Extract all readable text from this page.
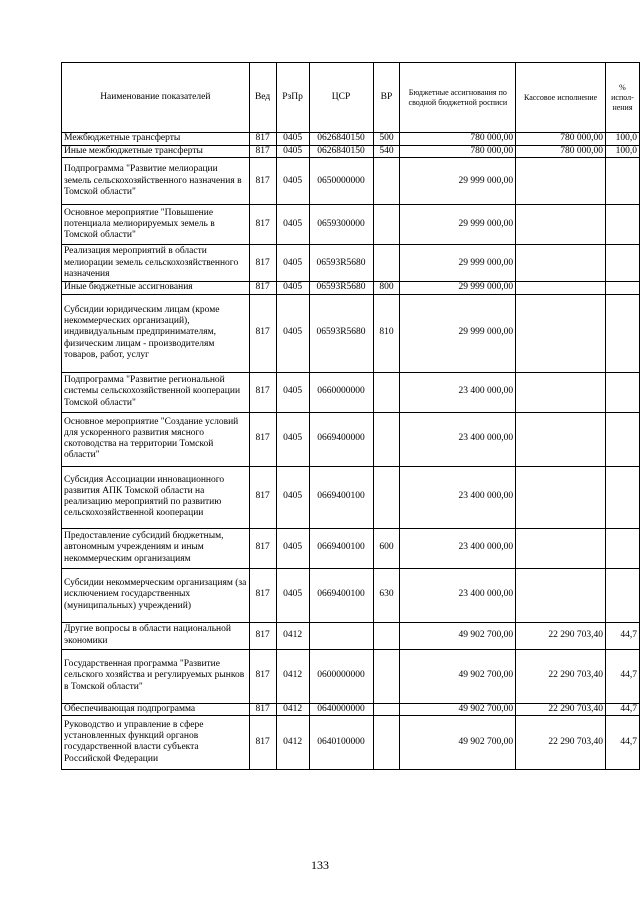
Наименование показателей	Вед	РзПр	ЦСР	ВР	Бюджетные ассигнования по сводной бюджетной росписи	Кассовое исполнение	% испол-нения
Межбюджетные трансферты	817	0405	0626840150	500	780 000,00	780 000,00	100,0
Иные межбюджетные трансферты	817	0405	0626840150	540	780 000,00	780 000,00	100,0
Подпрограмма "Развитие мелиорации земель сельскохозяйственного назначения в Томской области"	817	0405	0650000000		29 999 000,00		
Основное мероприятие "Повышение потенциала мелиорируемых земель в Томской области"	817	0405	0659300000		29 999 000,00		
Реализация мероприятий в области мелиорации земель сельскохозяйственного назначения	817	0405	06593R5680		29 999 000,00		
Иные бюджетные ассигнования	817	0405	06593R5680	800	29 999 000,00		
Субсидии юридическим лицам (кроме некоммерческих организаций), индивидуальным предпринимателям, физическим лицам - производителям товаров, работ, услуг	817	0405	06593R5680	810	29 999 000,00		
Подпрограмма "Развитие региональной системы сельскохозяйственной кооперации Томской области"	817	0405	0660000000		23 400 000,00		
Основное мероприятие "Создание условий для ускоренного развития мясного скотоводства на территории Томской области"	817	0405	0669400000		23 400 000,00		
Субсидия Ассоциации инновационного развития АПК Томской области на реализацию мероприятий по развитию сельскохозяйственной кооперации	817	0405	0669400100		23 400 000,00		
Предоставление субсидий бюджетным, автономным учреждениям и иным некоммерческим организациям	817	0405	0669400100	600	23 400 000,00		
Субсидии некоммерческим организациям (за исключением государственных (муниципальных) учреждений)	817	0405	0669400100	630	23 400 000,00		
Другие вопросы в области национальной экономики	817	0412			49 902 700,00	22 290 703,40	44,7
Государственная программа "Развитие сельского хозяйства и регулируемых рынков в Томской области"	817	0412	0600000000		49 902 700,00	22 290 703,40	44,7
Обеспечивающая подпрограмма	817	0412	0640000000		49 902 700,00	22 290 703,40	44,7
Руководство и управление в сфере установленных функций органов государственной власти субъекта Российской Федерации	817	0412	0640100000		49 902 700,00	22 290 703,40	44,7
133
